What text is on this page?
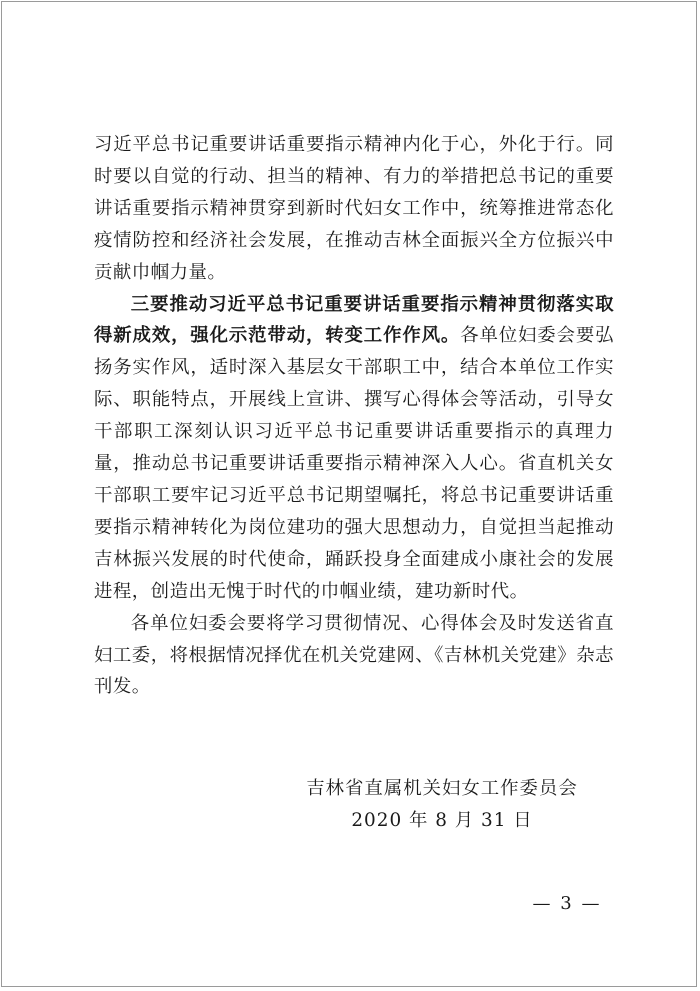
习近平总书记重要讲话重要指示精神内化于心，外化于行。同时要以自觉的行动、担当的精神、有力的举措把总书记的重要讲话重要指示精神贯穿到新时代妇女工作中，统筹推进常态化疫情防控和经济社会发展，在推动吉林全面振兴全方位振兴中贡献巾帼力量。

三要推动习近平总书记重要讲话重要指示精神贯彻落实取得新成效，强化示范带动，转变工作作风。各单位妇委会要弘扬务实作风，适时深入基层女干部职工中，结合本单位工作实际、职能特点，开展线上宣讲、撰写心得体会等活动，引导女干部职工深刻认识习近平总书记重要讲话重要指示的真理力量，推动总书记重要讲话重要指示精神深入人心。省直机关女干部职工要牢记习近平总书记期望嘱托，将总书记重要讲话重要指示精神转化为岗位建功的强大思想动力，自觉担当起推动吉林振兴发展的时代使命，踊跃投身全面建成小康社会的发展进程，创造出无愧于时代的巾帼业绩，建功新时代。

各单位妇委会要将学习贯彻情况、心得体会及时发送省直妇工委，将根据情况择优在机关党建网、《吉林机关党建》杂志刊发。

吉林省直属机关妇女工作委员会
2020 年 8 月 31 日
— 3 —
